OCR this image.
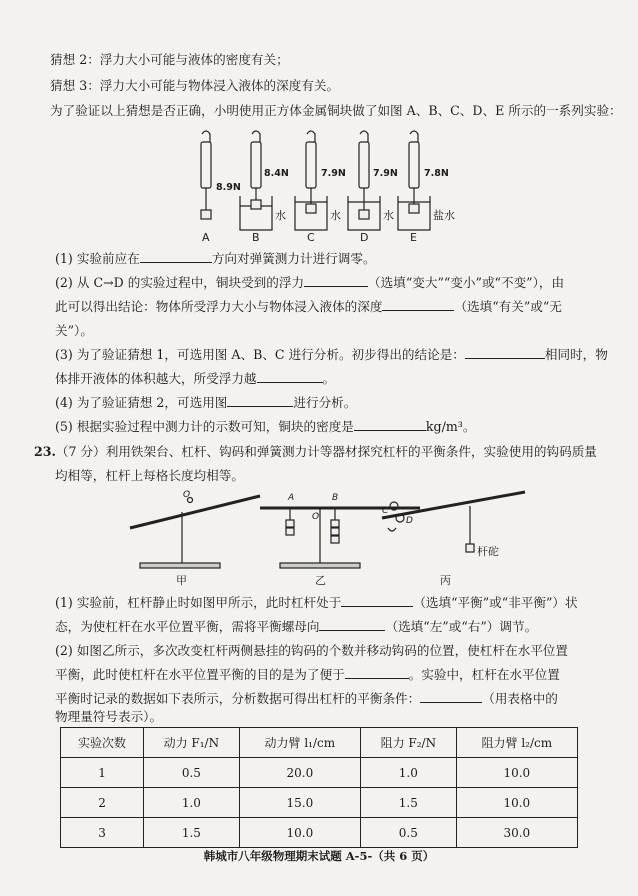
猜想 2：浮力大小可能与液体的密度有关；
猜想 3：浮力大小可能与物体浸入液体的深度有关。
为了验证以上猜想是否正确，小明使用正方体金属铜块做了如图 A、B、C、D、E 所示的一系列实验：
8.9N
8.4N	7.9N	7.9N	7.8N
水	水	水	盐水
A	B	C	D	E
(1) 实验前应在	方向对弹簧测力计进行调零。
(2) 从 C→D 的实验过程中，铜块受到的浮力	（选填“变大”“变小”或“不变”），由
此可以得出结论：物体所受浮力大小与物体浸入液体的深度	（选填“有关”或“无
关”）。
(3) 为了验证猜想 1，可选用图 A、B、C 进行分析。初步得出的结论是：	相同时，物
体排开液体的体积越大，所受浮力越	。
(4) 为了验证猜想 2，可选用图	进行分析。
(5) 根据实验过程中测力计的示数可知，铜块的密度是	kg/m³。
23.（7 分）利用铁架台、杠杆、钩码和弹簧测力计等器材探究杠杆的平衡条件，实验使用的钩码质量
均相等，杠杆上每格长度均相等。
O	A
O
B
C
D
杆砣
甲	乙	丙
(1) 实验前，杠杆静止时如图甲所示，此时杠杆处于	（选填“平衡”或“非平衡”）状
态，为使杠杆在水平位置平衡，需将平衡螺母向	（选填“左”或“右”）调节。
(2) 如图乙所示，多次改变杠杆两侧悬挂的钩码的个数并移动钩码的位置，使杠杆在水平位置
平衡，此时使杠杆在水平位置平衡的目的是为了便于	。实验中，杠杆在水平位置
平衡时记录的数据如下表所示，分析数据可得出杠杆的平衡条件：	（用表格中的
物理量符号表示）。
实验次数	动力 F₁/N	动力臂 l₁/cm	阻力 F₂/N	阻力臂 l₂/cm
1	0.5	20.0	1.0	10.0
2	1.0	15.0	1.5	10.0
3	1.5	10.0	0.5	30.0
韩城市八年级物理期末试题 A-5-（共 6 页）
